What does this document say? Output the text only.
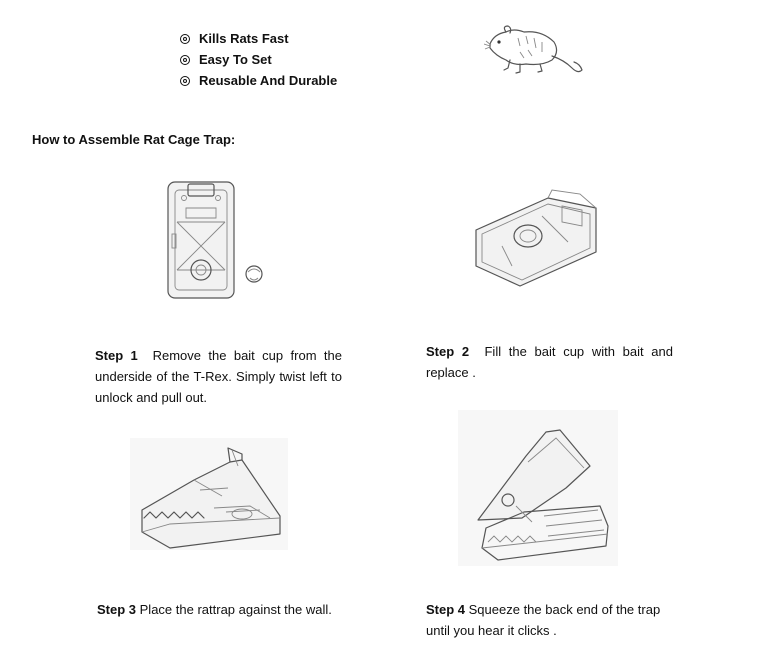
Kills Rats Fast
Easy To Set
Reusable And Durable
How to Assemble Rat Cage Trap:
Step 1 Remove the bait cup from the underside of the T-Rex. Simply twist left to unlock and pull out.
Step 2 Fill the bait cup with bait and replace .
Step 3 Place the rattrap against the wall.	Step 4 Squeeze the back end of the trap until you hear it clicks .
